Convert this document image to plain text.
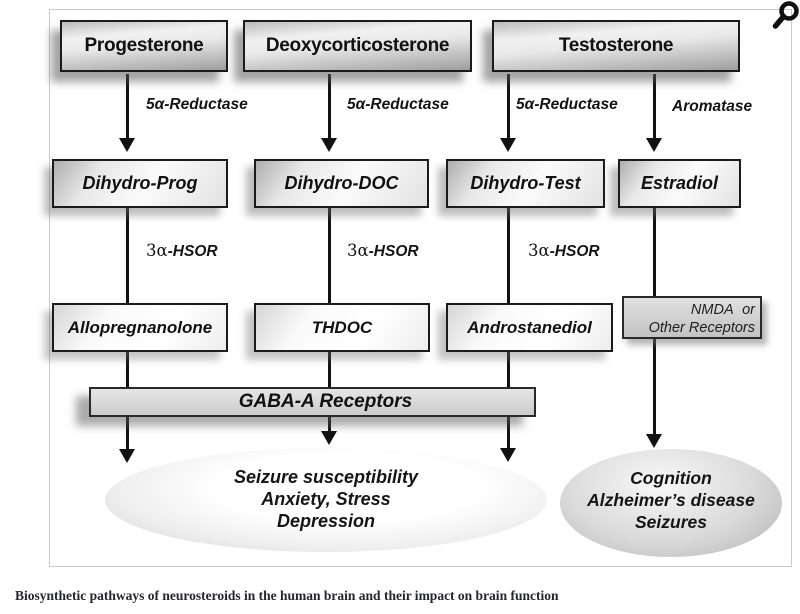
Progesterone	Deoxycorticosterone	Testosterone
5α-Reductase	5α-Reductase	5α-Reductase	Aromatase
Dihydro-Prog	Dihydro-DOC	Dihydro-Test	Estradiol
3α-HSOR	3α-HSOR	3α-HSOR
Allopregnanolone	THDOC	Androstanediol
NMDA or
Other Receptors
GABA-A Receptors
Seizure susceptibility
Anxiety, Stress
Depression
Cognition
Alzheimer’s disease
Seizures
Biosynthetic pathways of neurosteroids in the human brain and their impact on brain function
